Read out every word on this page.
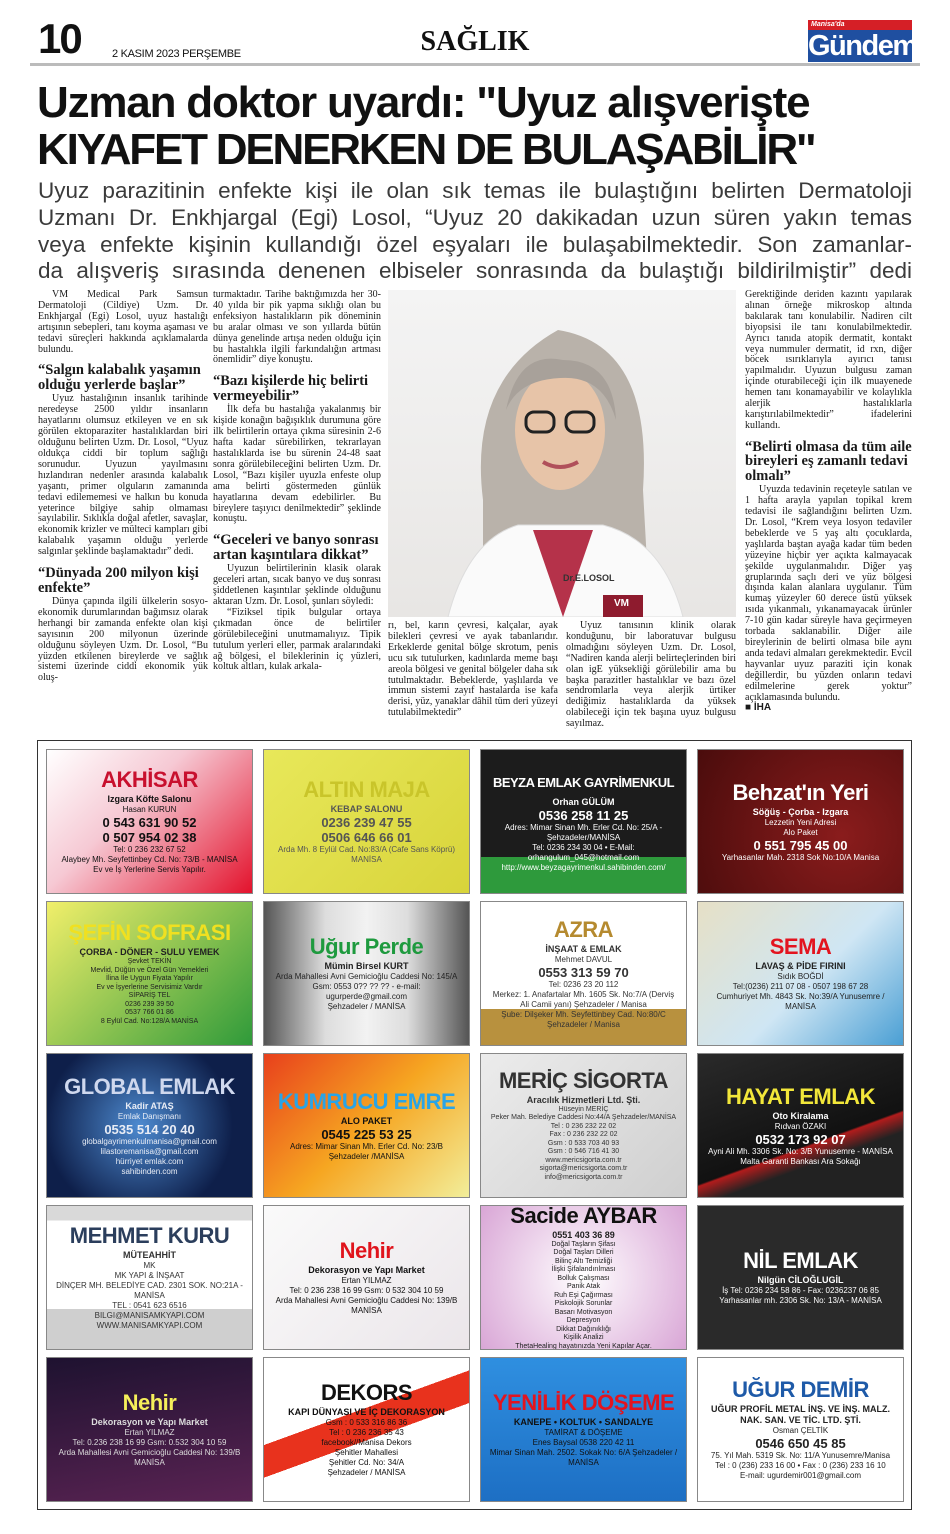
10	2 KASIM 2023 PERŞEMBE	SAĞLIK
Manisa'da
Gündem
Uzman doktor uyardı: "Uyuz alışverişte
KIYAFET DENERKEN DE BULAŞABİLİR"
Uyuz parazitinin enfekte kişi ile olan sık temas ile bulaştığını belirten Dermatoloji
Uzmanı Dr. Enkhjargal (Egi) Losol, “Uyuz 20 dakikadan uzun süren yakın temas
veya enfekte kişinin kullandığı özel eşyaları ile bulaşabilmektedir. Son zamanlar-
da alışveriş sırasında denenen elbiseler sonrasında da bulaştığı bildirilmiştir” dedi

VM Medical Park Samsun Dermatoloji (Cildiye) Uzm. Dr. Enkhjargal (Egi) Losol, uyuz hastalığı artışının sebepleri, tanı koyma aşaması ve tedavi süreçleri hakkında açıklamalarda bulundu.

“Salgın kalabalık yaşamın olduğu yerlerde başlar”

Uyuz hastalığının insanlık tarihinde neredeyse 2500 yıldır insanların hayatlarını olumsuz etkileyen ve en sık görülen ektoparaziter hastalıklardan biri olduğunu belirten Uzm. Dr. Losol, “Uyuz oldukça ciddi bir toplum sağlığı sorunudur. Uyuzun yayılmasını hızlandıran nedenler arasında kalabalık yaşantı, primer olguların zamanında tedavi edilememesi ve halkın bu konuda yeterince bilgiye sahip olmaması sayılabilir. Sıklıkla doğal afetler, savaşlar, ekonomik krizler ve mülteci kampları gibi kalabalık yaşamın olduğu yerlerde salgınlar şeklinde başlamaktadır” dedi.

“Dünyada 200 milyon kişi enfekte”

Dünya çapında ilgili ülkelerin sosyo-ekonomik durumlarından bağımsız olarak herhangi bir zamanda enfekte olan kişi sayısının 200 milyonun üzerinde olduğunu söyleyen Uzm. Dr. Losol, “Bu yüzden etkilenen bireylerde ve sağlık sistemi üzerinde ciddi ekonomik yük oluş-

turmaktadır. Tarihe baktığımızda her 30-40 yılda bir pik yapma sıklığı olan bu enfeksiyon hastalıkların pik döneminin bu aralar olması ve son yıllarda bütün dünya genelinde artışa neden olduğu için bu hastalıkla ilgili farkındalığın artması önemlidir” diye konuştu.

“Bazı kişilerde hiç belirti vermeyebilir”

İlk defa bu hastalığa yakalanmış bir kişide konağın bağışıklık durumuna göre ilk belirtilerin ortaya çıkma süresinin 2-6 hafta kadar sürebilirken, tekrarlayan hastalıklarda ise bu sürenin 24-48 saat sonra görülebileceğini belirten Uzm. Dr. Losol, “Bazı kişiler uyuzla enfeste olup ama belirti göstermeden günlük hayatlarına devam edebilirler. Bu bireylere taşıyıcı denilmektedir” şeklinde konuştu.

“Geceleri ve banyo sonrası artan kaşıntılara dikkat”

Uyuzun belirtilerinin klasik olarak geceleri artan, sıcak banyo ve duş sonrası şiddetlenen kaşıntılar şeklinde olduğunu aktaran Uzm. Dr. Losol, şunları söyledi:

“Fiziksel tipik bulgular ortaya çıkmadan önce de belirtiler görülebileceğini unutmamalıyız. Tipik tutulum yerleri eller, parmak aralarındaki ağ bölgesi, el bileklerinin iç yüzleri, koltuk altları, kulak arkala-

Dr.E.LOSOL
VM

rı, bel, karın çevresi, kalçalar, ayak bilekleri çevresi ve ayak tabanlarıdır. Erkeklerde genital bölge skrotum, penis ucu sık tutulurken, kadınlarda meme başı areola bölgesi ve genital bölgeler daha sık tutulmaktadır. Bebeklerde, yaşlılarda ve immun sistemi zayıf hastalarda ise kafa derisi, yüz, yanaklar dâhil tüm deri yüzeyi tutulabilmektedir”

Uyuz tanısının klinik olarak konduğunu, bir laboratuvar bulgusu olmadığını söyleyen Uzm. Dr. Losol, “Nadiren kanda alerji belirteçlerinden biri olan igE yüksekliği görülebilir ama bu başka parazitler hastalıklar ve bazı özel sendromlarla veya alerjik ürtiker dediğimiz hastalıklarda da yüksek olabileceği için tek başına uyuz bulgusu sayılmaz.

Gerektiğinde deriden kazıntı yapılarak alınan örneğe mikroskop altında bakılarak tanı konulabilir. Nadiren cilt biyopsisi ile tanı konulabilmektedir. Ayrıcı tanıda atopik dermatit, kontakt veya nummuler dermatit, id rxn, diğer böcek ısırıklarıyla ayırıcı tanısı yapılmalıdır. Uyuzun bulgusu zaman içinde oturabileceği için ilk muayenede hemen tanı konamayabilir ve kolaylıkla alerjik hastalıklarla karıştırılabilmektedir” ifadelerini kullandı.

“Belirti olmasa da tüm aile bireyleri eş zamanlı tedavi olmalı”

Uyuzda tedavinin reçeteyle satılan ve 1 hafta arayla yapılan topikal krem tedavisi ile sağlandığını belirten Uzm. Dr. Losol, “Krem veya losyon tedaviler bebeklerde ve 5 yaş altı çocuklarda, yaşlılarda baştan ayağa kadar tüm beden yüzeyine hiçbir yer açıkta kalmayacak şekilde uygulanmalıdır. Diğer yaş gruplarında saçlı deri ve yüz bölgesi dışında kalan alanlara uygulanır. Tüm kumaş yüzeyler 60 derece üstü yüksek ısıda yıkanmalı, yıkanamayacak ürünler 7-10 gün kadar süreyle hava geçirmeyen torbada saklanabilir. Diğer aile bireylerinin de belirti olmasa bile aynı anda tedavi almaları gerekmektedir. Evcil hayvanlar uyuz paraziti için konak değillerdir, bu yüzden onların tedavi edilmelerine gerek yoktur” açıklamasında bulundu.

■ İHA

AKHİSAR
Izgara Köfte Salonu
Hasan KURUN
0 543 631 90 52
0 507 954 02 38
Tel: 0 236 232 67 52
Alaybey Mh. Seyfettinbey Cd. No: 73/B - MANİSA
Ev ve İş Yerlerine Servis Yapılır.
ALTIN MAJA
KEBAP SALONU
0236 239 47 55
0506 646 66 01
Arda Mh. 8 Eylül Cad. No:83/A (Cafe Sans Köprü) MANİSA
BEYZA EMLAK GAYRİMENKUL
Orhan GÜLÜM
0536 258 11 25
Adres: Mimar Sinan Mh. Erler Cd. No: 25/A - Şehzadeler/MANİSA
Tel: 0236 234 30 04 • E-Mail: orhangulum_045@hotmail.com
http://www.beyzagayrimenkul.sahibinden.com/
Behzat'ın Yeri
Söğüş - Çorba - Izgara
Lezzetin Yeni Adresi
Alo Paket
0 551 795 45 00
Yarhasanlar Mah. 2318 Sok No:10/A Manisa
ŞEFİN SOFRASI
ÇORBA - DÖNER - SULU YEMEK
Şevket TEKİN
Mevlid, Düğün ve Özel Gün Yemekleri
İlina İle Uygun Fiyata Yapılır
Ev ve İşyerlerine Servisimiz Vardır
SİPARİŞ TEL
0236 239 39 50
0537 766 01 86
8 Eylül Cad. No:128/A MANİSA
Uğur Perde
Mümin Birsel KURT
Arda Mahallesi Avni Gemicioğlu Caddesi No: 145/A
Gsm: 0553 0?? ?? ?? - e-mail: ugurperde@gmail.com
Şehzadeler / MANİSA
AZRA
İNŞAAT & EMLAK
Mehmet DAVUL
0553 313 59 70
Tel: 0236 23 20 112
Merkez: 1. Anafartalar Mh. 1605 Sk. No:7/A (Derviş Ali Camii yanı) Şehzadeler / Manisa
Şube: Dilşeker Mh. Seyfettinbey Cad. No:80/C Şehzadeler / Manisa
SEMA
LAVAŞ & PİDE FIRINI
Sıdık BOĞDİ
Tel:(0236) 211 07 08 - 0507 198 67 28
Cumhuriyet Mh. 4843 Sk. No:39/A Yunusemre / MANİSA
GLOBAL EMLAK
Kadir ATAŞ
Emlak Danışmanı
0535 514 20 40
globalgayrimenkulmanisa@gmail.com
lilastoremanisa@gmail.com
hürriyet emlak.com
sahibinden.com
KUMRUCU EMRE
ALO PAKET
0545 225 53 25
Adres: Mimar Sinan Mh. Erler Cd. No: 23/B
Şehzadeler /MANİSA
MERİÇ SİGORTA
Aracılık Hizmetleri Ltd. Şti.
Hüseyin MERİÇ
Peker Mah. Belediye Caddesi No:44/A Şehzadeler/MANİSA
Tel : 0 236 232 22 02
Fax : 0 236 232 22 02
Gsm : 0 533 703 40 93
Gsm : 0 546 716 41 30
www.mericsigorta.com.tr
sigorta@mericsigorta.com.tr
info@mericsigorta.com.tr
HAYAT EMLAK
Oto Kiralama
Rıdvan ÖZAKI
0532 173 92 07
Ayni Ali Mh. 3306 Sk. No: 3/B Yunusemre - MANİSA
Malta Garanti Bankası Ara Sokağı
MEHMET KURU
MÜTEAHHİT
MK
MK YAPI & İNŞAAT
DİNÇER MH. BELEDİYE CAD. 2301 SOK. NO:21A - MANİSA
TEL : 0541 623 6516
BILGI@MANISAMKYAPI.COM
WWW.MANISAMKYAPI.COM
Nehir
Dekorasyon ve Yapı Market
Ertan YILMAZ
Tel: 0 236 238 16 99 Gsm: 0 532 304 10 59
Arda Mahallesi Avni Gemicioğlu Caddesi No: 139/B MANİSA
Sacide AYBAR
0551 403 36 89
Doğal Taşların Şifası
Doğal Taşları Dilleri
Bilinç Altı Temizliği
İlişki Şifalandırılması
Bolluk Çalışması
Panik Atak
Ruh Eşi Çağırması
Piskolojik Sorunlar
Basarı Motivasyon
Depresyon
Dikkat Dağınıklığı
Kişilik Analizi
ThetaHealing hayatınızda Yeni Kapılar Açar.
NİL EMLAK
Nilgün CİLOĞLUGİL
İş Tel: 0236 234 58 86 - Fax: 0236237 06 85
Yarhasanlar mh. 2306 Sk. No: 13/A - MANİSA
Nehir
Dekorasyon ve Yapı Market
Ertan YILMAZ
Tel: 0.236 238 16 99 Gsm: 0.532 304 10 59
Arda Mahallesi Avni Gemicioğlu Caddesi No: 139/B MANİSA
DEKORS
KAPI DÜNYASI VE İÇ DEKORASYON
Gsm : 0 533 316 86 36
Tel : 0 236 236 35 43
facebook//Manisa Dekors
Şehitler Mahallesi
Şehitler Cd. No: 34/A
Şehzadeler / MANİSA
YENİLİK DÖŞEME
KANEPE • KOLTUK • SANDALYE
TAMİRAT & DÖŞEME
Enes Baysal 0538 220 42 11
Mimar Sinan Mah. 2502. Sokak No: 6/A Şehzadeler / MANİSA
UĞUR DEMİR
UĞUR PROFİL METAL İNŞ. VE İNŞ. MALZ. NAK. SAN. VE TİC. LTD. ŞTİ.
Osman ÇELTİK
0546 650 45 85
75. Yıl Mah. 5319 Sk. No: 11/A Yunusemre/Manisa
Tel : 0 (236) 233 16 00 • Fax : 0 (236) 233 16 10
E-mail: ugurdemir001@gmail.com
